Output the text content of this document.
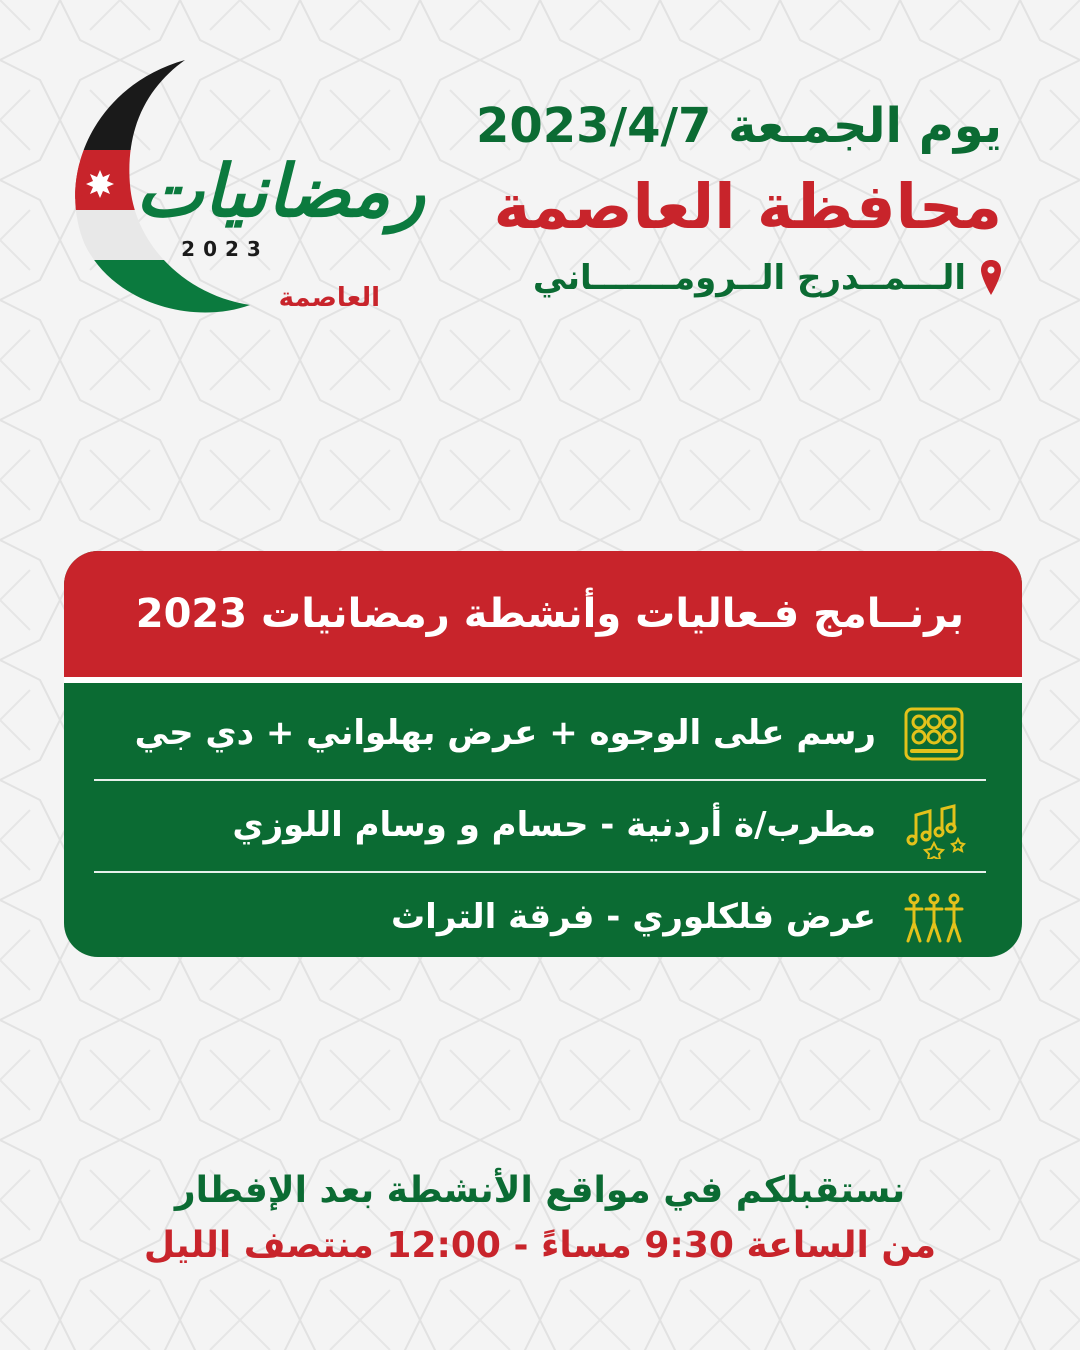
رمضانيات
2023
العاصمة
يوم الجمـعة 2023/4/7
محافظة العاصمة
الـــمــدرج الــرومـــــــاني
برنــامج فـعاليات وأنشطة رمضانيات 2023
رسم على الوجوه + عرض بهلواني + دي جي
مطرب/ة أردنية - حسام و وسام اللوزي
عرض فلكلوري - فرقة التراث
نستقبلكم في مواقع الأنشطة بعد الإفطار
من الساعة 9:30 مساءً - 12:00 منتصف الليل
